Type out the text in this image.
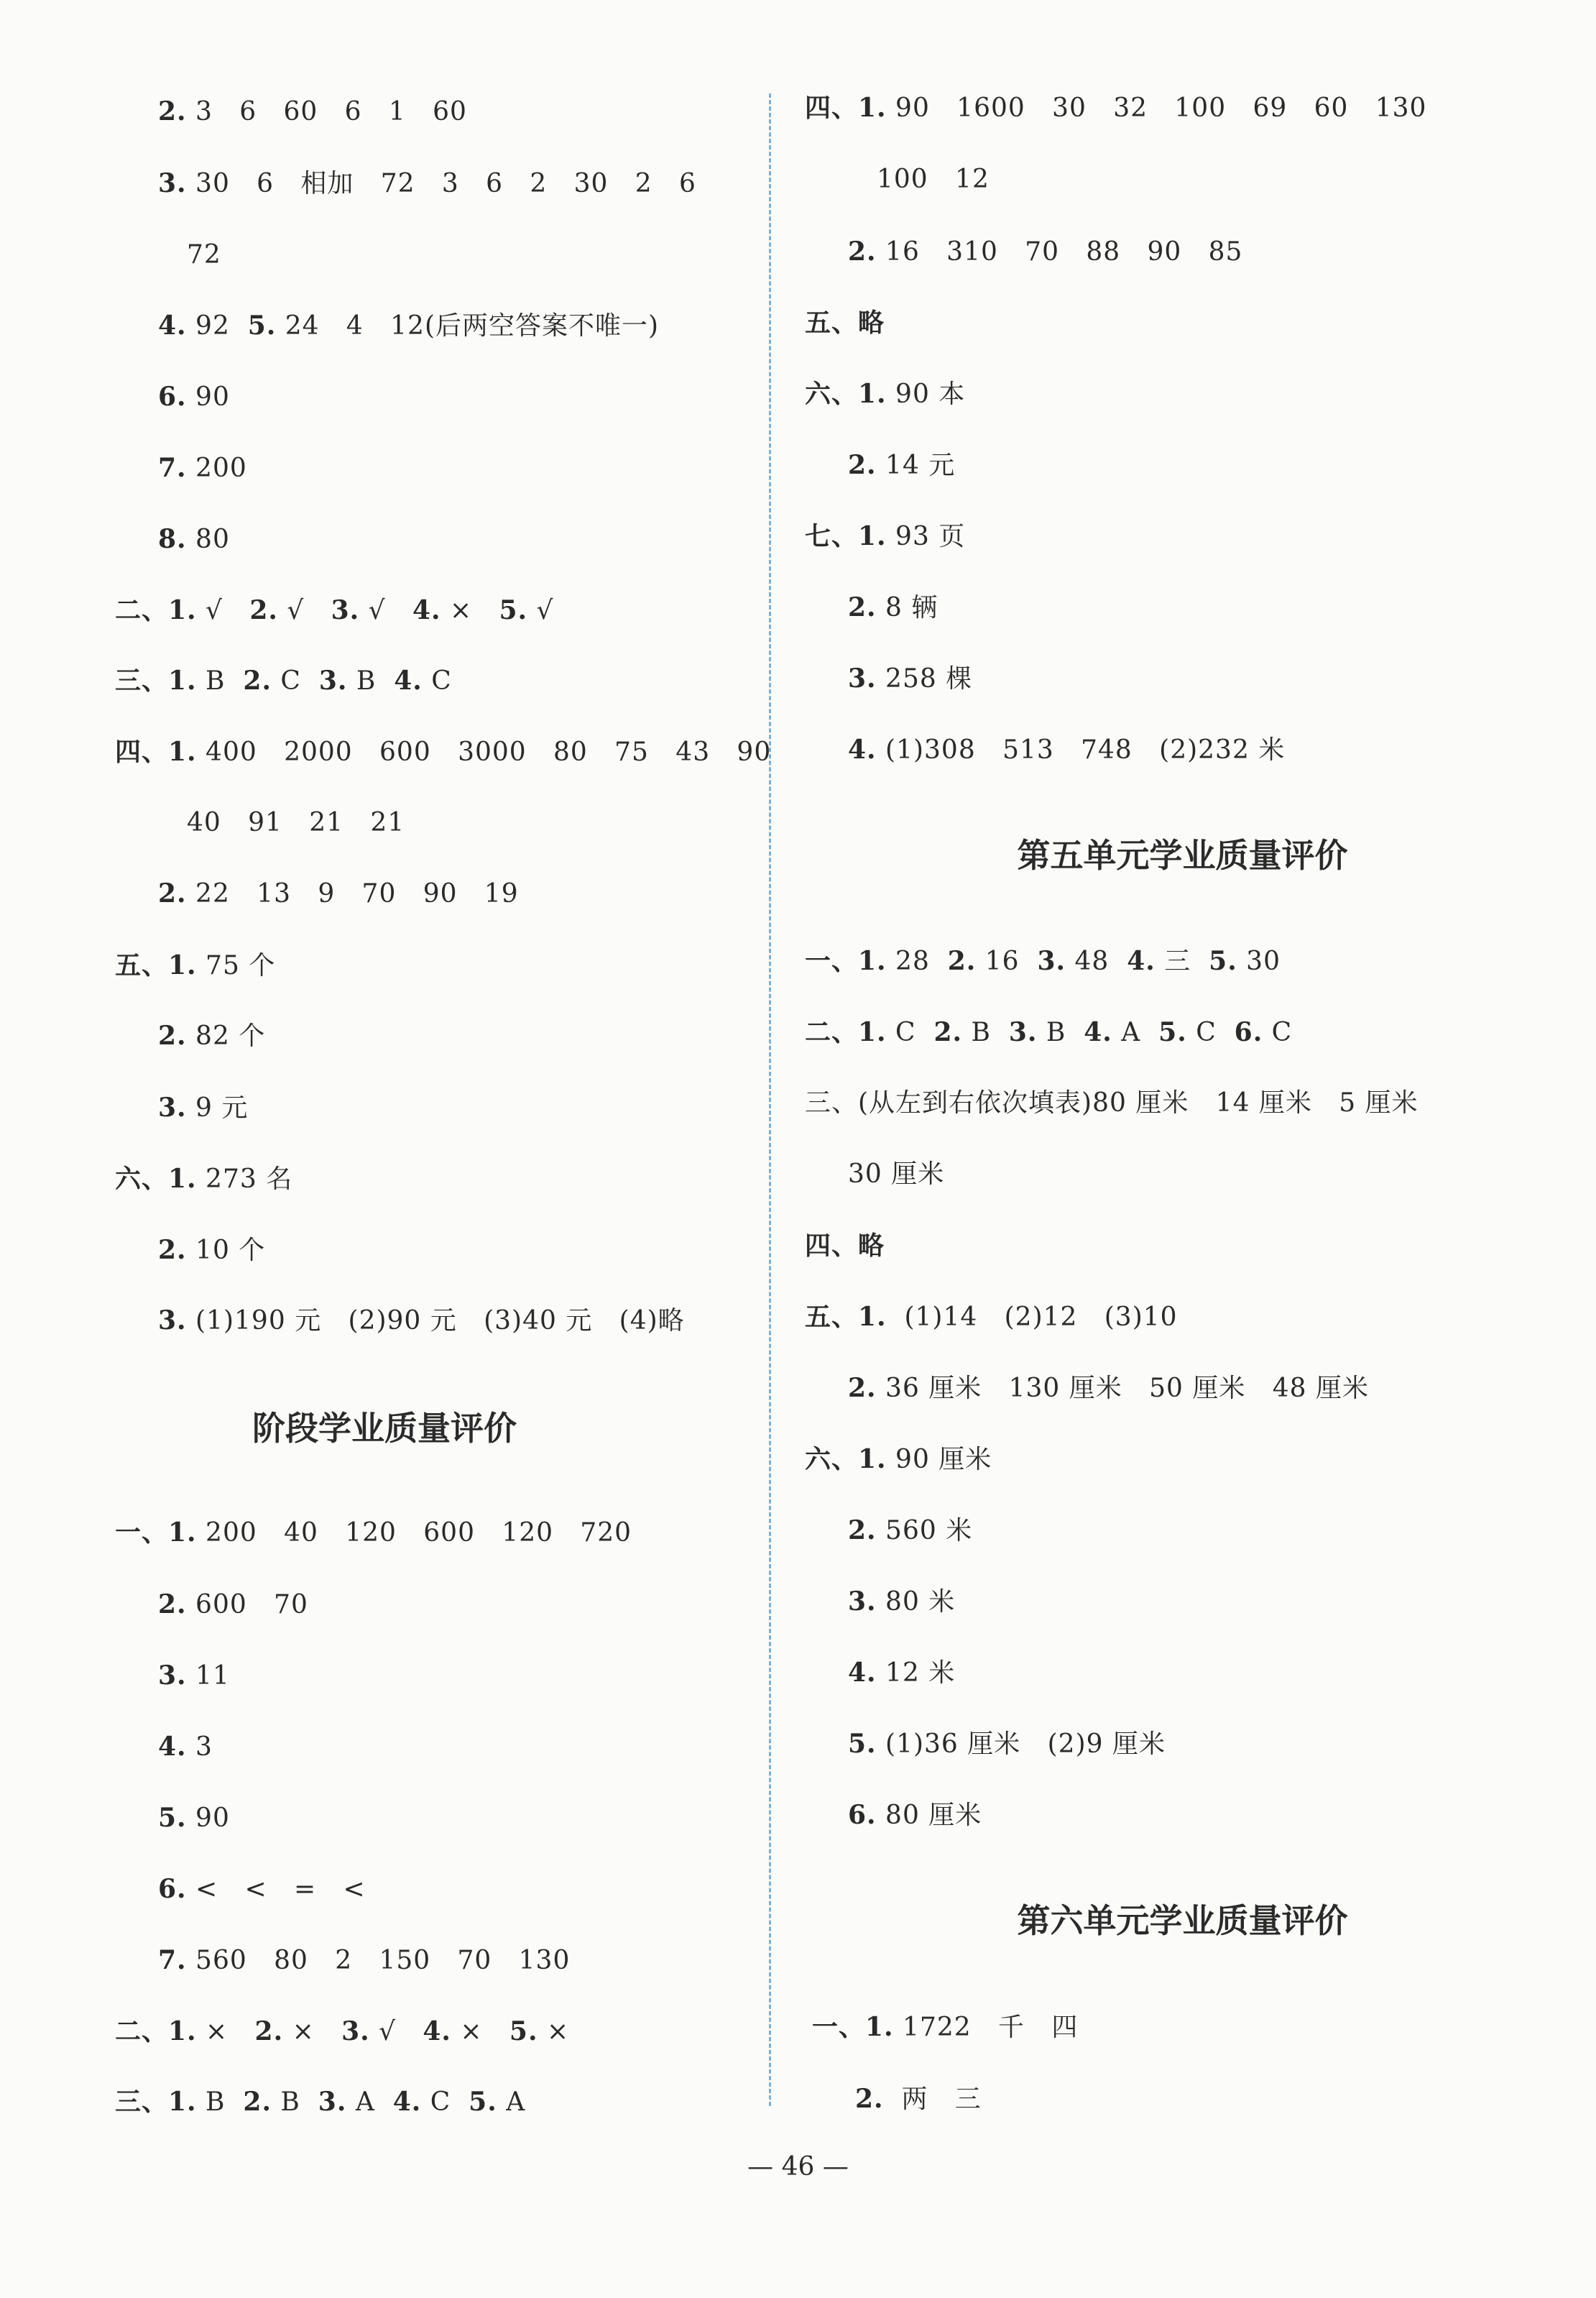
2. 3   6   60   6   1   60
3. 30   6   相加   72   3   6   2   30   2   6
72
4. 92  5. 24   4   12(后两空答案不唯一)
6. 90
7. 200
8. 80
二、1. √   2. √   3. √   4. ×   5. √
三、1. B  2. C  3. B  4. C
四、1. 400   2000   600   3000   80   75   43   90
40   91   21   21
2. 22   13   9   70   90   19
五、1. 75 个
2. 82 个
3. 9 元
六、1. 273 名
2. 10 个
3. (1)190 元   (2)90 元   (3)40 元   (4)略
阶段学业质量评价
一、1. 200   40   120   600   120   720
2. 600   70
3. 11
4. 3
5. 90
6. <   <   =   <
7. 560   80   2   150   70   130
二、1. ×   2. ×   3. √   4. ×   5. ×
三、1. B  2. B  3. A  4. C  5. A
四、1. 90   1600   30   32   100   69   60   130
100   12
2. 16   310   70   88   90   85
五、略
六、1. 90 本
2. 14 元
七、1. 93 页
2. 8 辆
3. 258 棵
4. (1)308   513   748   (2)232 米
第五单元学业质量评价
一、1. 28  2. 16  3. 48  4. 三  5. 30
二、1. C  2. B  3. B  4. A  5. C  6. C
三、(从左到右依次填表)80 厘米   14 厘米   5 厘米
30 厘米
四、略
五、1.  (1)14   (2)12   (3)10
2. 36 厘米   130 厘米   50 厘米   48 厘米
六、1. 90 厘米
2. 560 米
3. 80 米
4. 12 米
5. (1)36 厘米   (2)9 厘米
6. 80 厘米
第六单元学业质量评价
一、1. 1722   千   四
2.  两   三
— 46 —
